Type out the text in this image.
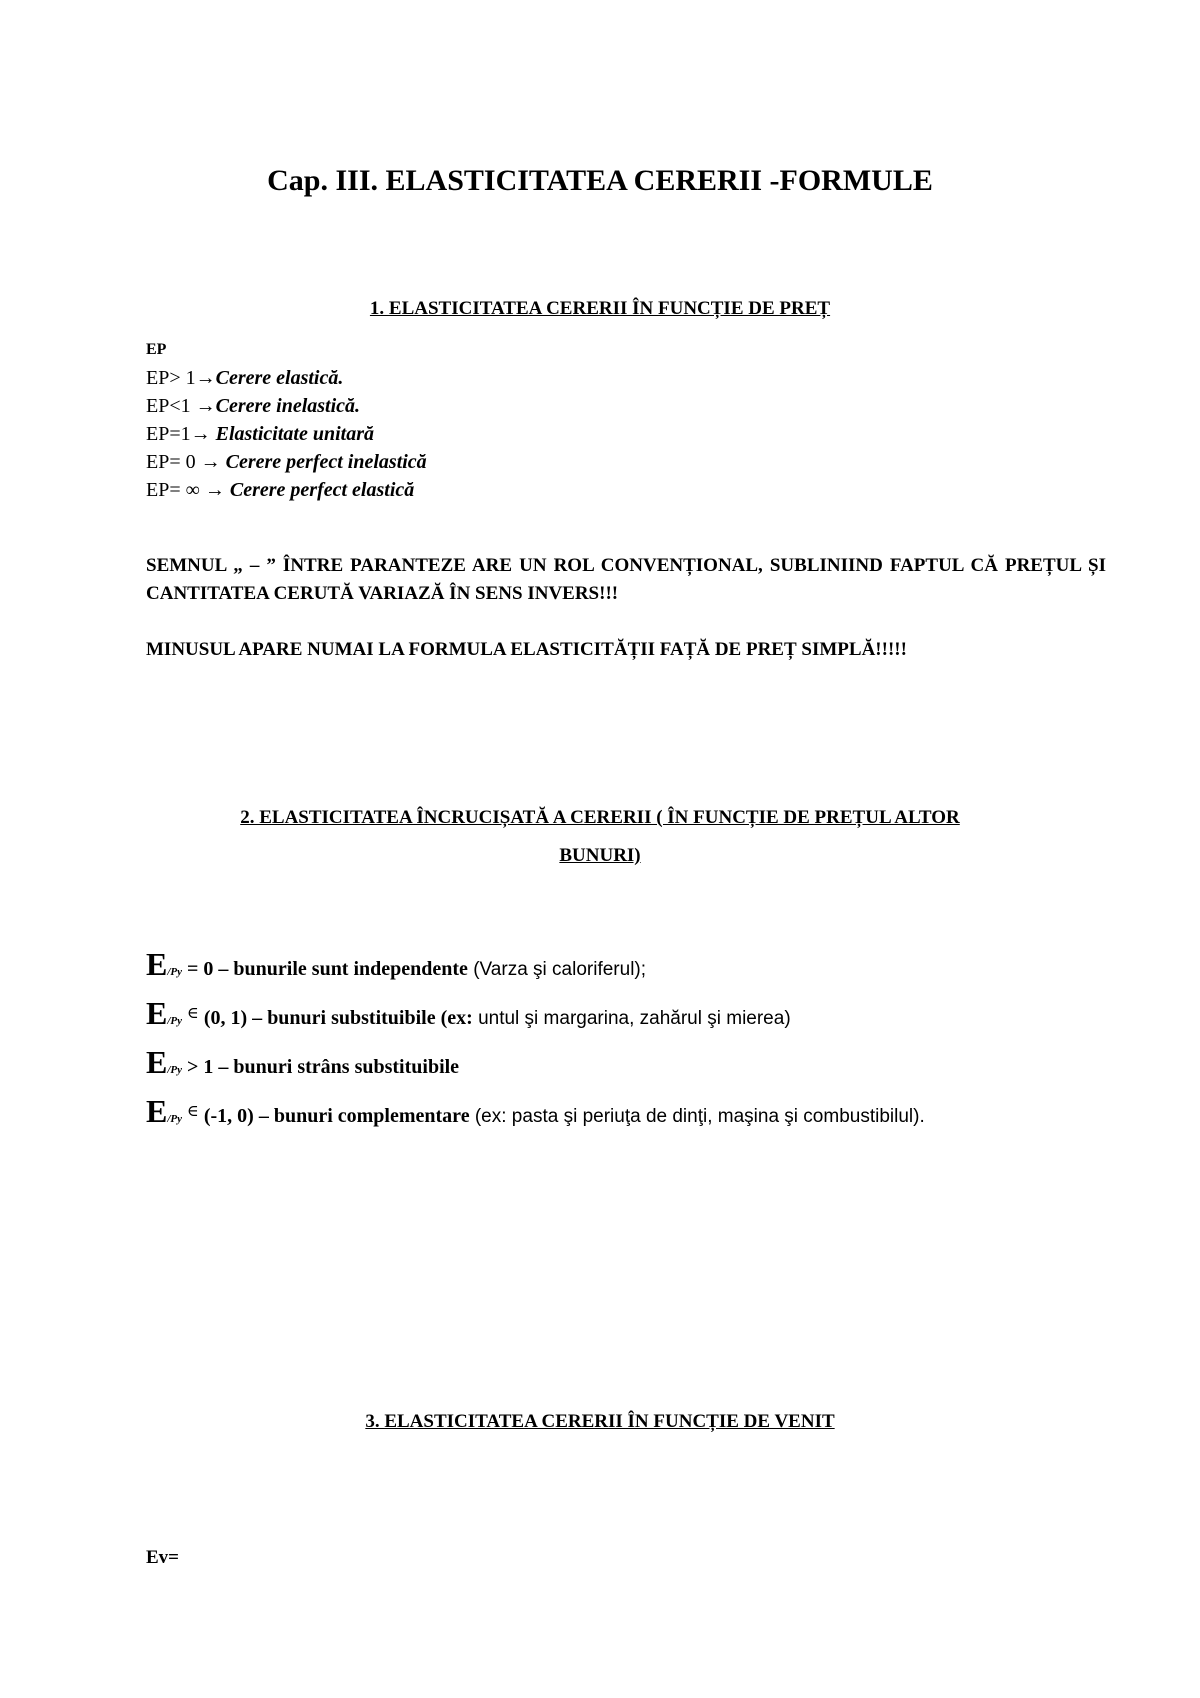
Cap. III. ELASTICITATEA CERERII -FORMULE
1. ELASTICITATEA CERERII ÎN FUNCȚIE DE PREȚ
EP
EP> 1→Cerere elastică.
EP<1 →Cerere inelastică.
EP=1→ Elasticitate unitară
EP= 0 → Cerere perfect inelastică
EP= ∞ → Cerere perfect elastică

SEMNUL „ – ” ÎNTRE PARANTEZE ARE UN ROL CONVENȚIONAL, SUBLINIIND FAPTUL CĂ PREȚUL ȘI CANTITATEA CERUTĂ VARIAZĂ ÎN SENS INVERS!!!

MINUSUL APARE NUMAI LA FORMULA ELASTICITĂȚII FAȚĂ DE PREȚ SIMPLĂ!!!!!

2. ELASTICITATEA ÎNCRUCIȘATĂ A CERERII ( ÎN FUNCȚIE DE PREȚUL ALTOR
BUNURI)
E/Py = 0 – bunurile sunt independente (Varza şi caloriferul);
E/Py ∈ (0, 1) – bunuri substituibile (ex: untul şi margarina, zahărul şi mierea)
E/Py > 1 – bunuri strâns substituibile
E/Py ∈ (-1, 0) – bunuri complementare (ex: pasta şi periuţa de dinţi, maşina şi combustibilul).
3. ELASTICITATEA CERERII ÎN FUNCȚIE DE VENIT

Ev=
